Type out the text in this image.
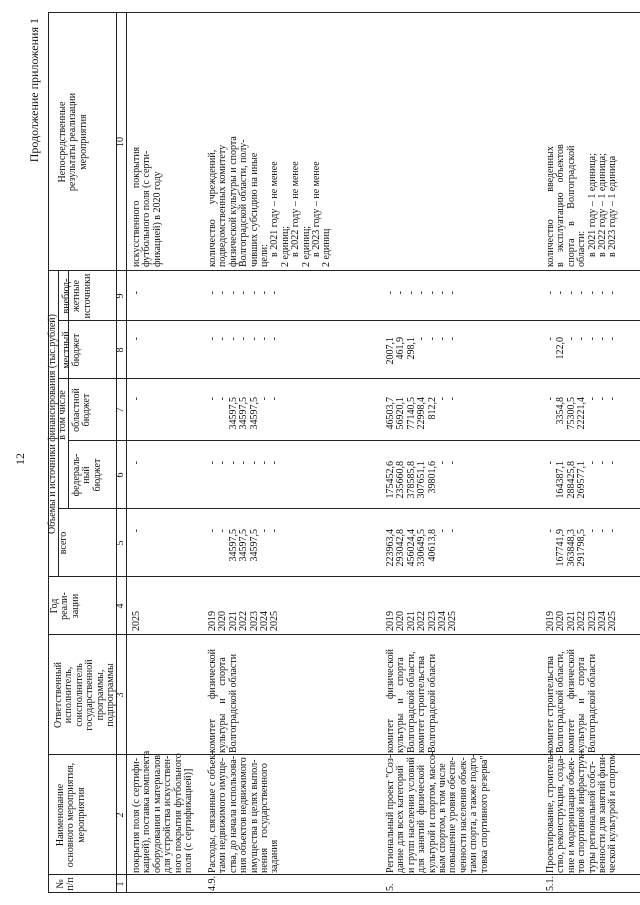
12
Продолжение приложения 1
№
п/п
Наименование
основного мероприятия,
мероприятия
Ответственный
исполнитель,
соисполнитель
государственной
программы,
подпрограммы
Год
реали-
зации
Объемы и источники финансирования (тыс.рублей)
всего
в том числе
федераль-
ный
бюджет
областной
бюджет
местный
бюджет
внебюд-
жетные
источники
Непосредственные
результаты реализации
мероприятия
1
2
3
4
5
6
7
8
9
10
покрытия поля (с сертифи-
кацией), поставка комплекта
оборудования и материалов
для устройства искусствен-
ного покрытия футбольного
поля (с сертификацией)]
2025
-
-
-
-
-
искусственного     покрытия
футбольного поля (с серти-
фикацией) в 2020 году
4.9.
Расходы, связанные с объек-
тами недвижимого имуще-
ства, до начала использова-
ния объектов недвижимого
имущества в целях выпол-
нения    государственного
задания
комитет        физической
культуры    и     спорта
Волгоградской области
2019
2020
2021
2022
2023
2024
2025
-
-
34597,5
34597,5
34597,5
-
-
-
-
-
-
-
-
-
-
-
34597,5
34597,5
34597,5
-
-
-
-
-
-
-
-
-
-
-
-
-
-
-
-
количество      учреждений,
подведомственных комитету
физической культуры и спорта
Волгоградской области, полу-
чивших субсидию на иные
цели:
в 2021 году – не менее
2 единиц;
в 2022 году – не менее
2 единиц;
в 2023 году – не менее
2 единиц
5.
Региональный проект "Соз-
дание для всех категорий
и групп населения условий
для  занятий  физической
культурой и спортом, массо-
вым спортом, в том числе
повышение уровня обеспе-
ченности населения объек-
тами спорта, а также подго-
товка спортивного резерва"
комитет        физической
культуры    и     спорта
Волгоградской области,
комитет строительства
Волгоградской области
2019
2020
2021
2022
2023
2024
2025
223963,4
293042,8
456024,4
330649,5
40613,8
-
-
175452,6
235660,8
378585,8
307651,1
39801,6
-
-
46503,7
56920,1
77140,5
22998,4
812,2
-
-
2007,1
461,9
298,1
-
-
-
-
-
-
-
-
-
-
-
5.1.
Проектирование, строитель-
ство, реконструкция, созда-
ние и модернизация объек-
тов спортивной инфраструк-
туры региональной собст-
венности для занятий физи-
ческой культурой и спортом
комитет строительства
Волгоградской области,
комитет        физической
культуры    и     спорта
Волгоградской области
2019
2020
2021
2022
2023
2024
2025
-
167741,9
363848,3
291798,5
-
-
-
-
164387,1
288425,8
269577,1
-
-
-
-
3354,8
75300,5
22221,4
-
-
-
-
122,0
-
-
-
-
-
-
-
-
-
-
-
-
количество           введенных
в    эксплуатацию    объектов
спорта     в     Волгоградской
области:
в 2021 году – 1 единица;
в 2022 году – 1 единица;
в 2023 году – 1 единица
